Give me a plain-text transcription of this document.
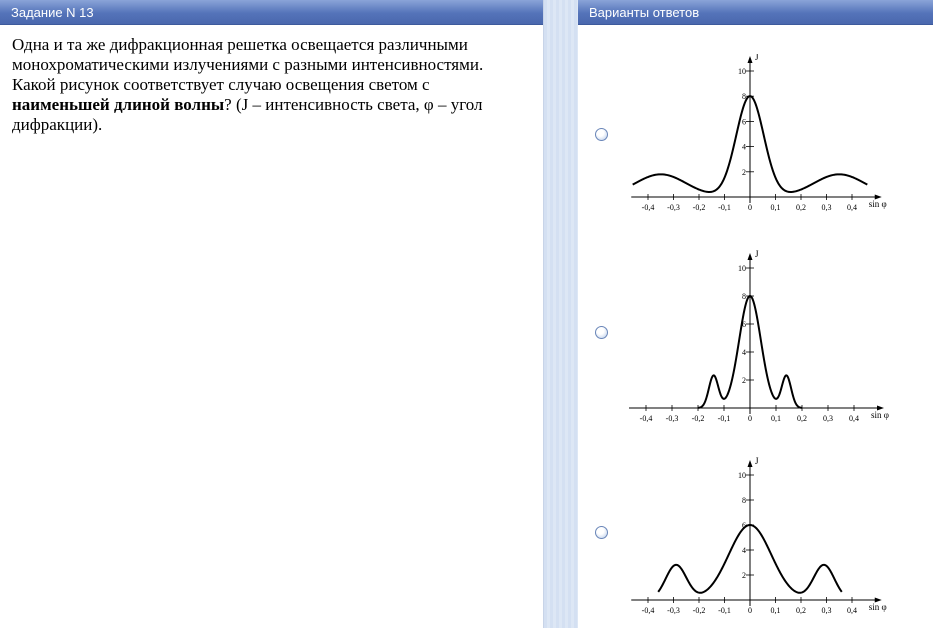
Задание N 13
Одна и та же дифракционная решетка освещается различными монохроматическими излучениями с разными интенсивностями. Какой рисунок соответствует случаю освещения светом с наименьшей длиной волны? (J – интенсивность света, φ – угол дифракции).
Варианты ответов
-0,4 -0,3 -0,2 -0,1 0 0,1 0,2 0,3 0,4
2
4
6
8
10
sin φ
J
-0,4 -0,3 -0,2 -0,1 0 0,1 0,2 0,3 0,4
2
4
6
8
10
sin φ
J
-0,4 -0,3 -0,2 -0,1 0 0,1 0,2 0,3 0,4
2
4
6
8
10
sin φ
J
